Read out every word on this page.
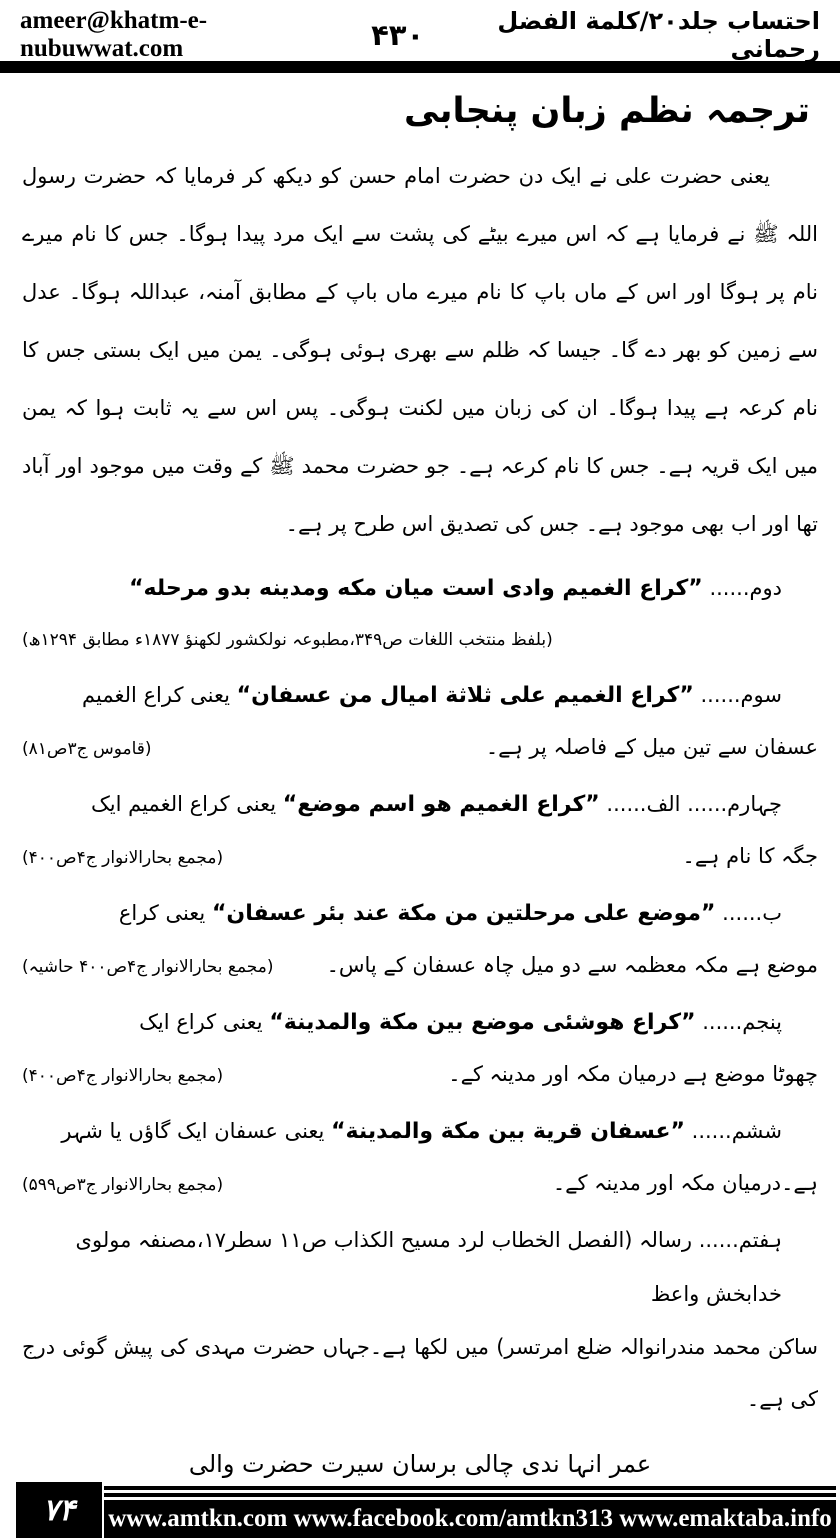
ameer@khatm-e-nubuwwat.com	۴۳۰	احتساب جلد۲۰/کلمة الفضل رحمانی
ترجمہ نظم زبان پنجابی

یعنی حضرت علی نے ایک دن حضرت امام حسن کو دیکھ کر فرمایا کہ حضرت رسول اللہ ﷺ نے فرمایا ہے کہ اس میرے بیٹے کی پشت سے ایک مرد پیدا ہوگا۔ جس کا نام میرے نام پر ہوگا اور اس کے ماں باپ کا نام میرے ماں باپ کے مطابق آمنہ، عبداللہ ہوگا۔ عدل سے زمین کو بھر دے گا۔ جیسا کہ ظلم سے بھری ہوئی ہوگی۔ یمن میں ایک بستی جس کا نام کرعہ ہے پیدا ہوگا۔ ان کی زبان میں لکنت ہوگی۔ پس اس سے یہ ثابت ہوا کہ یمن میں ایک قریہ ہے۔ جس کا نام کرعہ ہے۔ جو حضرت محمد ﷺ کے وقت میں موجود اور آباد تھا اور اب بھی موجود ہے۔ جس کی تصدیق اس طرح پر ہے۔

دوم...... ”کراع الغمیم وادی است میان مکه ومدینه بدو مرحله“
(بلفظ منتخب اللغات ص۳۴۹،مطبوعہ نولکشور لکھنؤ ۱۸۷۷ء مطابق ۱۲۹۴ھ)
سوم...... ”کراع الغمیم علی ثلاثة امیال من عسفان“ یعنی کراع الغمیم
عسفان سے تین میل کے فاصلہ پر ہے۔
(قاموس ج۳ص۸۱)
چہارم...... الف...... ”کراع الغمیم هو اسم موضع“ یعنی کراع الغمیم ایک
جگہ کا نام ہے۔
(مجمع بحارالانوار ج۴ص۴۰۰)
ب...... ”موضع علی مرحلتین من مکة عند بئر عسفان“ یعنی کراع
موضع ہے مکہ معظمہ سے دو میل چاہ عسفان کے پاس۔
(مجمع بحارالانوار ج۴ص۴۰۰ حاشیہ)
پنجم...... ”کراع هوشئی موضع بین مکة والمدینة“ یعنی کراع ایک
چھوٹا موضع ہے درمیان مکہ اور مدینہ کے۔
(مجمع بحارالانوار ج۴ص۴۰۰)
ششم...... ”عسفان قریة بین مکة والمدینة“ یعنی عسفان ایک گاؤں یا شہر
ہے۔درمیان مکہ اور مدینہ کے۔
(مجمع بحارالانوار ج۳ص۵۹۹)
ہفتم...... رسالہ (الفصل الخطاب لرد مسیح الکذاب ص۱۱ سطر۱۷،مصنفہ مولوی خدابخش واعظ
ساکن محمد مندرانوالہ ضلع امرتسر) میں لکھا ہے۔جہاں حضرت مہدی کی پیش گوئی درج کی ہے۔
عمر انہا ندی چالی برسان سیرت حضرت والی
۷۴	www.amtkn.com www.facebook.com/amtkn313 www.emaktaba.info
